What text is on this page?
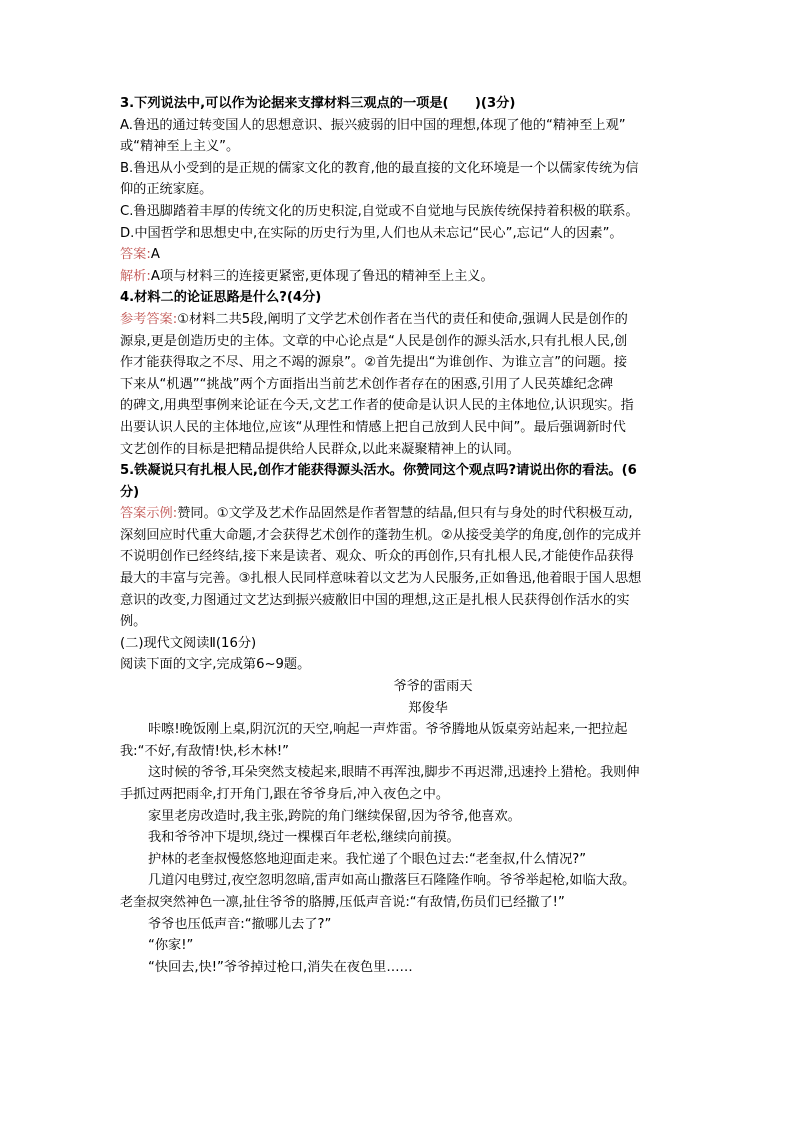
3.下列说法中,可以作为论据来支撑材料三观点的一项是(　　)(3分)
A.鲁迅的通过转变国人的思想意识、振兴疲弱的旧中国的理想,体现了他的“精神至上观”
或“精神至上主义”。
B.鲁迅从小受到的是正规的儒家文化的教育,他的最直接的文化环境是一个以儒家传统为信
仰的正统家庭。
C.鲁迅脚踏着丰厚的传统文化的历史积淀,自觉或不自觉地与民族传统保持着积极的联系。
D.中国哲学和思想史中,在实际的历史行为里,人们也从未忘记“民心”,忘记“人的因素”。
答案:A
解析:A项与材料三的连接更紧密,更体现了鲁迅的精神至上主义。
4.材料二的论证思路是什么?(4分)
参考答案:①材料二共5段,阐明了文学艺术创作者在当代的责任和使命,强调人民是创作的
源泉,更是创造历史的主体。文章的中心论点是“人民是创作的源头活水,只有扎根人民,创
作才能获得取之不尽、用之不竭的源泉”。②首先提出“为谁创作、为谁立言”的问题。接
下来从“机遇”“挑战”两个方面指出当前艺术创作者存在的困惑,引用了人民英雄纪念碑
的碑文,用典型事例来论证在今天,文艺工作者的使命是认识人民的主体地位,认识现实。指
出要认识人民的主体地位,应该“从理性和情感上把自己放到人民中间”。最后强调新时代
文艺创作的目标是把精品提供给人民群众,以此来凝聚精神上的认同。
5.铁凝说只有扎根人民,创作才能获得源头活水。你赞同这个观点吗?请说出你的看法。(6
分)
答案示例:赞同。①文学及艺术作品固然是作者智慧的结晶,但只有与身处的时代积极互动,
深刻回应时代重大命题,才会获得艺术创作的蓬勃生机。②从接受美学的角度,创作的完成并
不说明创作已经终结,接下来是读者、观众、听众的再创作,只有扎根人民,才能使作品获得
最大的丰富与完善。③扎根人民同样意味着以文艺为人民服务,正如鲁迅,他着眼于国人思想
意识的改变,力图通过文艺达到振兴疲敝旧中国的理想,这正是扎根人民获得创作活水的实
例。
(二)现代文阅读Ⅱ(16分)
阅读下面的文字,完成第6~9题。
爷爷的雷雨天
郑俊华
咔嚓!晚饭刚上桌,阴沉沉的天空,响起一声炸雷。爷爷腾地从饭桌旁站起来,一把拉起
我:“不好,有敌情!快,杉木林!”
这时候的爷爷,耳朵突然支棱起来,眼睛不再浑浊,脚步不再迟滞,迅速拎上猎枪。我则伸
手抓过两把雨伞,打开角门,跟在爷爷身后,冲入夜色之中。
家里老房改造时,我主张,跨院的角门继续保留,因为爷爷,他喜欢。
我和爷爷冲下堤坝,绕过一棵棵百年老松,继续向前摸。
护林的老奎叔慢悠悠地迎面走来。我忙递了个眼色过去:“老奎叔,什么情况?”
几道闪电劈过,夜空忽明忽暗,雷声如高山撒落巨石隆隆作响。爷爷举起枪,如临大敌。
老奎叔突然神色一凛,扯住爷爷的胳膊,压低声音说:“有敌情,伤员们已经撤了!”
爷爷也压低声音:“撤哪儿去了?”
“你家!”
“快回去,快!”爷爷掉过枪口,消失在夜色里……
